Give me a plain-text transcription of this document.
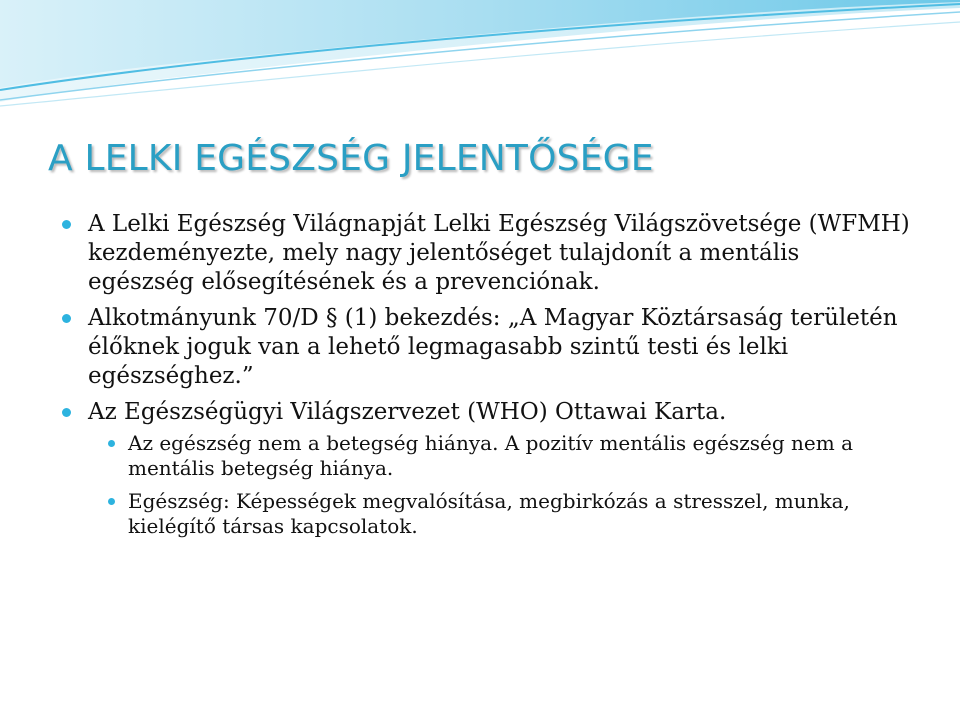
A LELKI EGÉSZSÉG JELENTŐSÉGE
A Lelki Egészség Világnapját Lelki Egészség Világszövetsége (WFMH) kezdeményezte, mely nagy jelentőséget tulajdonít a mentális egészség elősegítésének és a prevenciónak.
Alkotmányunk 70/D § (1) bekezdés: „A Magyar Köztársaság területén élőknek joguk van a lehető legmagasabb szintű testi és lelki egészséghez.”
Az Egészségügyi Világszervezet (WHO) Ottawai Karta.
Az egészség nem a betegség hiánya. A pozitív mentális egészség nem a mentális betegség hiánya.
Egészség: Képességek megvalósítása, megbirkózás a stresszel, munka, kielégítő társas kapcsolatok.
